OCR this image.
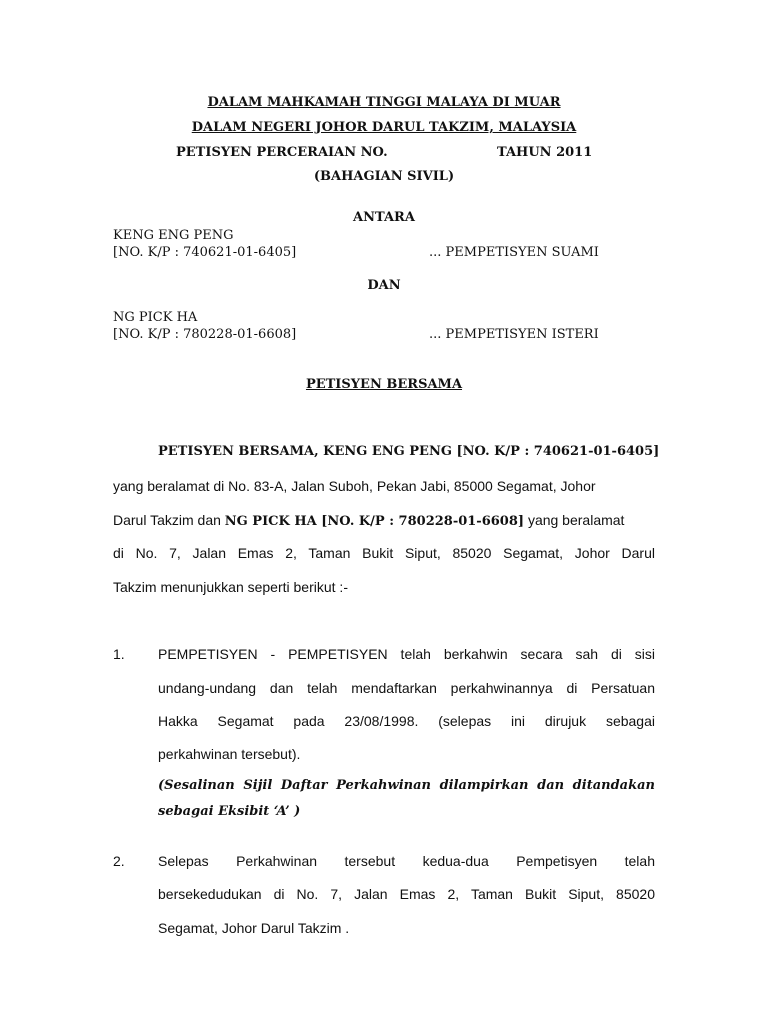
DALAM MAHKAMAH TINGGI MALAYA DI MUAR
DALAM NEGERI JOHOR DARUL TAKZIM, MALAYSIA
PETISYEN PERCERAIAN NO.	TAHUN 2011
(BAHAGIAN SIVIL)
ANTARA
KENG ENG PENG
[NO. K/P : 740621-01-6405]	... PEMPETISYEN SUAMI
DAN
NG PICK HA
[NO. K/P : 780228-01-6608]	... PEMPETISYEN ISTERI
PETISYEN BERSAMA
PETISYEN BERSAMA, KENG ENG PENG [NO. K/P : 740621-01-6405]
yang beralamat di No. 83-A, Jalan Suboh, Pekan Jabi, 85000 Segamat, Johor
Darul Takzim dan NG PICK HA [NO. K/P : 780228-01-6608] yang beralamat
di No. 7, Jalan Emas 2, Taman Bukit Siput, 85020 Segamat, Johor Darul
Takzim menunjukkan seperti berikut :-
1. PEMPETISYEN - PEMPETISYEN telah berkahwin secara sah di sisi
undang-undang dan telah mendaftarkan perkahwinannya di Persatuan
Hakka Segamat pada 23/08/1998. (selepas ini dirujuk sebagai
perkahwinan tersebut).
(Sesalinan Sijil Daftar Perkahwinan dilampirkan dan ditandakan
sebagai Eksibit ‘A’ )
2. Selepas Perkahwinan tersebut kedua-dua Pempetisyen telah
bersekedudukan di No. 7, Jalan Emas 2, Taman Bukit Siput, 85020
Segamat, Johor Darul Takzim .
